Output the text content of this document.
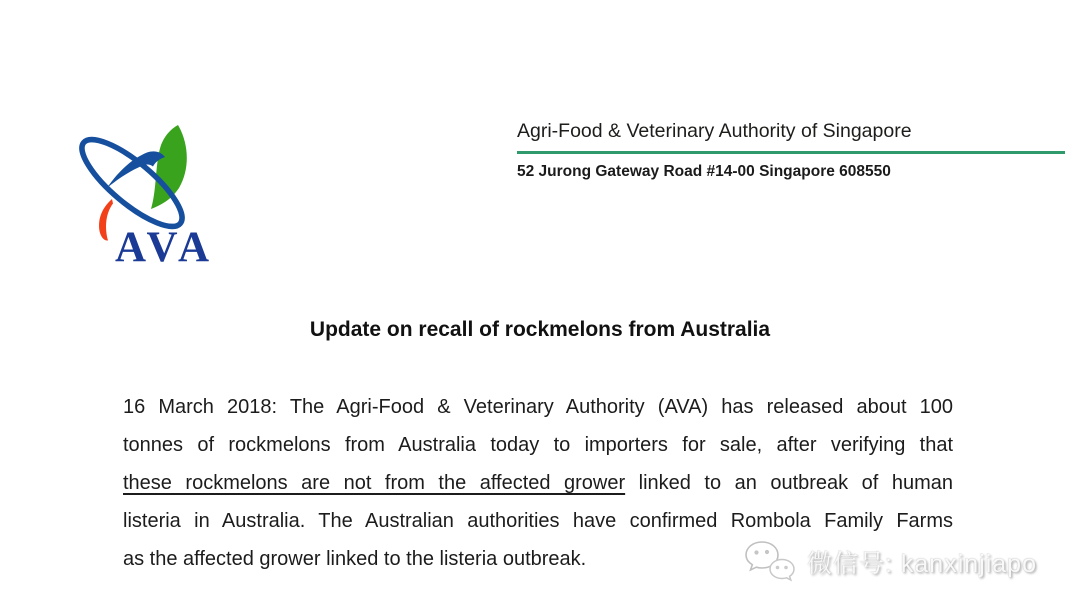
AVA
Agri-Food & Veterinary Authority of Singapore

52 Jurong Gateway Road #14-00 Singapore 608550

Update on recall of rockmelons from Australia
16 March 2018: The Agri-Food & Veterinary Authority (AVA) has released about 100
tonnes of rockmelons from Australia today to importers for sale, after verifying that
these rockmelons are not from the affected grower linked to an outbreak of human
listeria in Australia. The Australian authorities have confirmed Rombola Family Farms
as the affected grower linked to the listeria outbreak.	微信号: kanxinjiapo
